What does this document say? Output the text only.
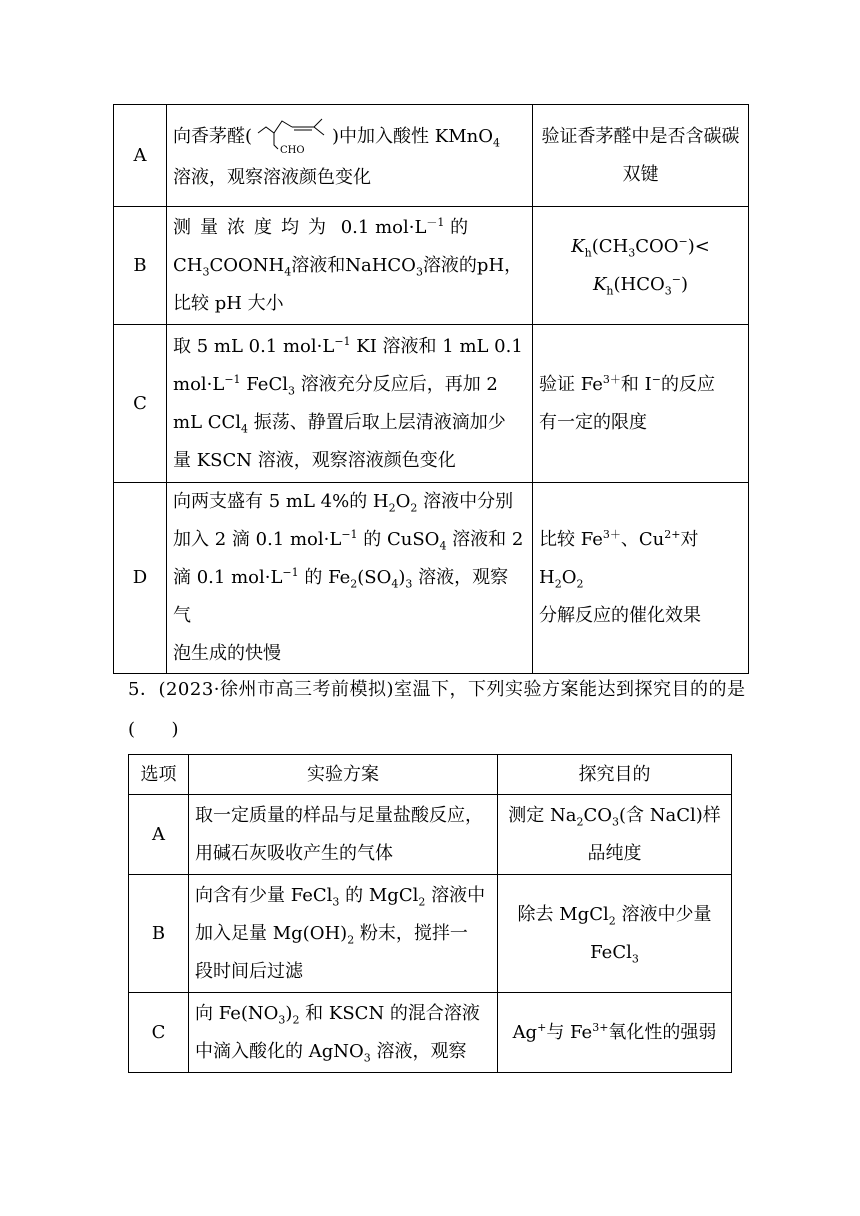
A	向香茅醛(
CHO
)中加入酸性 KMnO$_4$
溶液，观察溶液颜色变化	验证香茅醛中是否含碳碳双键
B	测量浓度均为 0.1 $mol\cdot L^{-1}$ 的
$CH_3COONH_4$溶液和NaHCO$_3$溶液的pH，
比较 pH 大小	$K_h(CH_3COO^-)<$
$K_h(HCO_3^-)$
C	取 5 mL 0.1 $mol\cdot L^{-1}$ KI 溶液和 1 mL 0.1
$mol\cdot L^{-1}$ FeCl$_3$ 溶液充分反应后，再加 2
mL CCl$_4$ 振荡、静置后取上层清液滴加少
量 KSCN 溶液，观察溶液颜色变化	验证 $Fe^{3+}$和 I−的反应
有一定的限度
D	向两支盛有 5 mL 4%的 $H_2O_2$ 溶液中分别
加入 2 滴 0.1 $mol\cdot L^{-1}$ 的 CuSO$_4$ 溶液和 2
滴 0.1 $mol\cdot L^{-1}$ 的 $Fe_2(SO_4)_3$ 溶液，观察气
泡生成的快慢	比较 $Fe^{3+}$、$Cu^{2+}$对 $H_2O_2$
分解反应的催化效果
5．(2023·徐州市高三考前模拟)室温下，下列实验方案能达到探究目的的是( )
选项	实验方案	探究目的
A	取一定质量的样品与足量盐酸反应，用碱石灰吸收产生的气体	测定 $Na_2CO_3$(含 NaCl)样
品纯度
B	向含有少量 FeCl$_3$ 的 MgCl$_2$ 溶液中
加入足量 $Mg(OH)_2$ 粉末，搅拌一
段时间后过滤	除去 MgCl$_2$ 溶液中少量
FeCl$_3$
C	向 $Fe(NO_3)_2$ 和 KSCN 的混合溶液
中滴入酸化的 AgNO$_3$ 溶液，观察	Ag+与 $Fe^{3+}$氧化性的强弱
